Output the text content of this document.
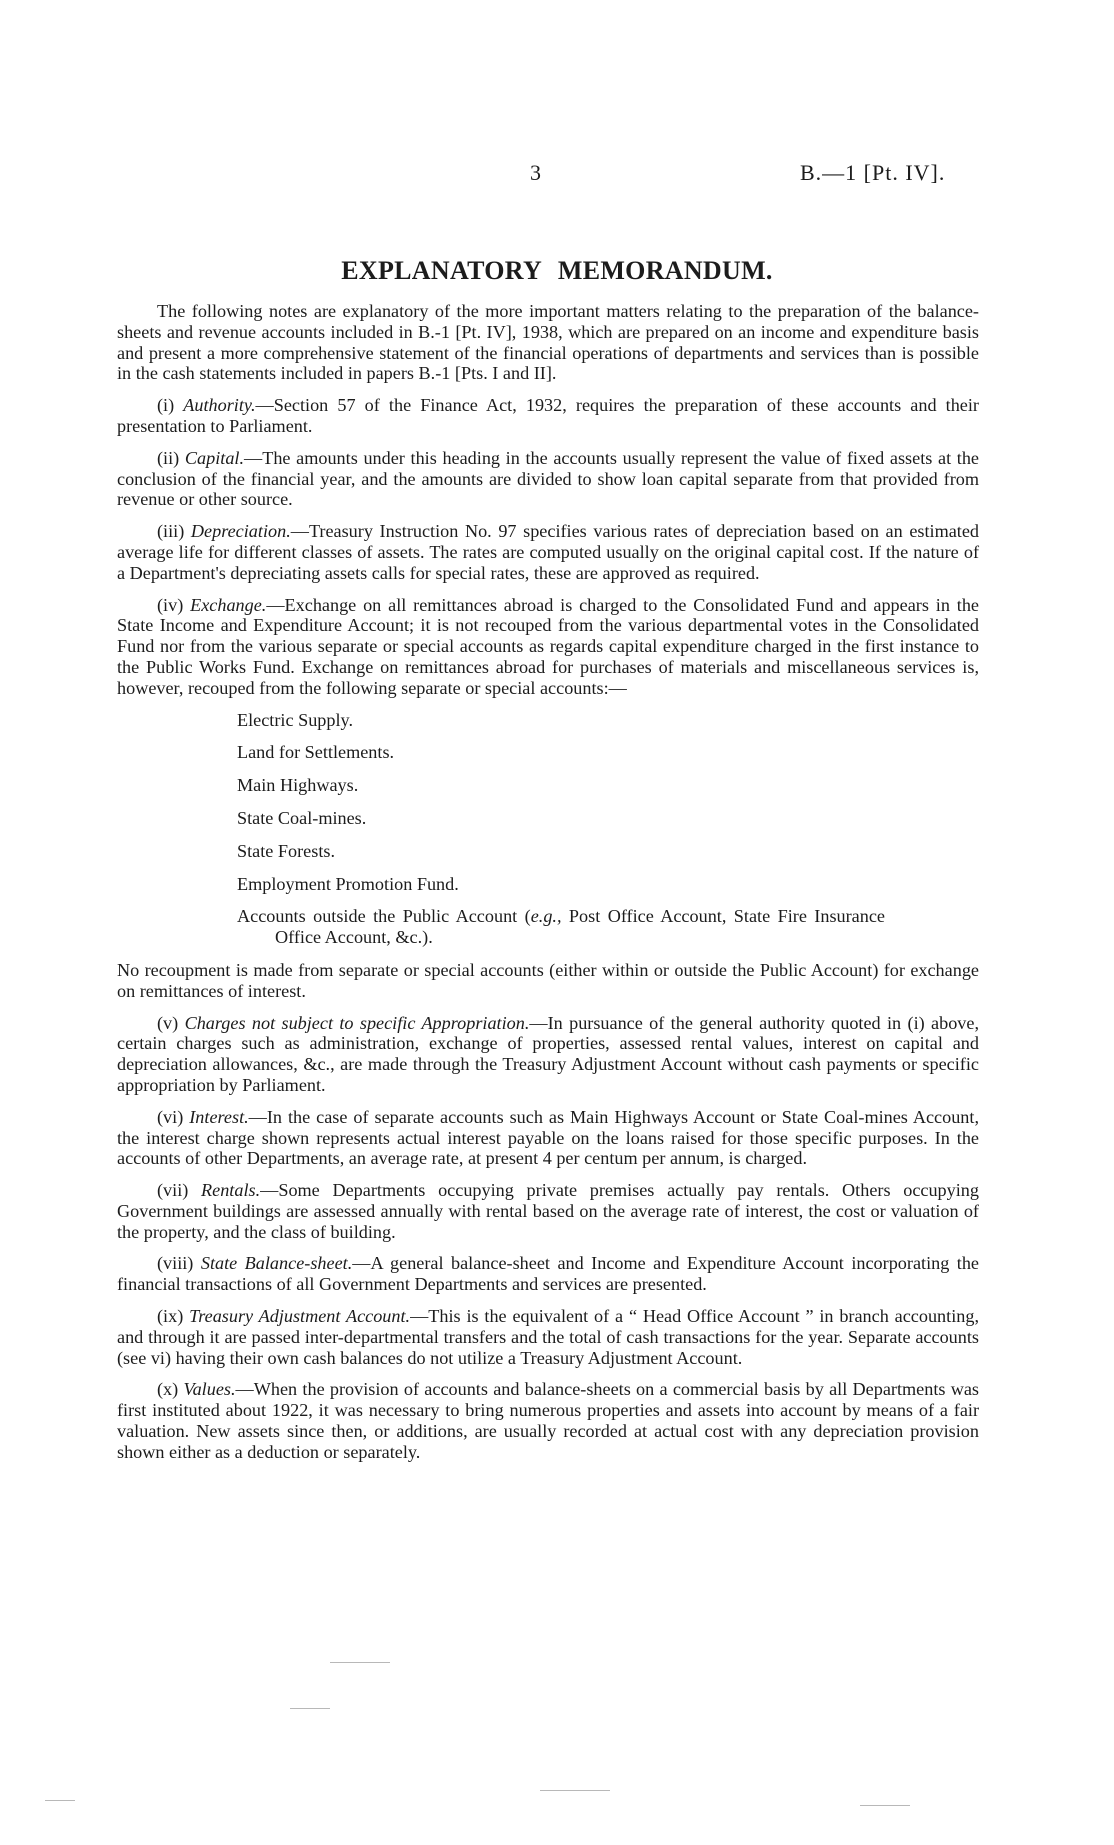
3	B.—1 [Pt. IV].
EXPLANATORY MEMORANDUM.

The following notes are explanatory of the more important matters relating to the preparation of the balance-sheets and revenue accounts included in B.-1 [Pt. IV], 1938, which are prepared on an income and expenditure basis and present a more comprehensive statement of the financial operations of departments and services than is possible in the cash statements included in papers B.-1 [Pts. I and II].

(i) Authority.—Section 57 of the Finance Act, 1932, requires the preparation of these accounts and their presentation to Parliament.

(ii) Capital.—The amounts under this heading in the accounts usually represent the value of fixed assets at the conclusion of the financial year, and the amounts are divided to show loan capital separate from that provided from revenue or other source.

(iii) Depreciation.—Treasury Instruction No. 97 specifies various rates of depreciation based on an estimated average life for different classes of assets. The rates are computed usually on the original capital cost. If the nature of a Department's depreciating assets calls for special rates, these are approved as required.

(iv) Exchange.—Exchange on all remittances abroad is charged to the Consolidated Fund and appears in the State Income and Expenditure Account; it is not recouped from the various departmental votes in the Consolidated Fund nor from the various separate or special accounts as regards capital expenditure charged in the first instance to the Public Works Fund. Exchange on remittances abroad for purchases of materials and miscellaneous services is, however, recouped from the following separate or special accounts:—

Electric Supply.
Land for Settlements.
Main Highways.
State Coal-mines.
State Forests.
Employment Promotion Fund.
Accounts outside the Public Account (e.g., Post Office Account, State Fire Insurance Office Account, &c.).

No recoupment is made from separate or special accounts (either within or outside the Public Account) for exchange on remittances of interest.

(v) Charges not subject to specific Appropriation.—In pursuance of the general authority quoted in (i) above, certain charges such as administration, exchange of properties, assessed rental values, interest on capital and depreciation allowances, &c., are made through the Treasury Adjustment Account without cash payments or specific appropriation by Parliament.

(vi) Interest.—In the case of separate accounts such as Main Highways Account or State Coal-mines Account, the interest charge shown represents actual interest payable on the loans raised for those specific purposes. In the accounts of other Departments, an average rate, at present 4 per centum per annum, is charged.

(vii) Rentals.—Some Departments occupying private premises actually pay rentals. Others occupying Government buildings are assessed annually with rental based on the average rate of interest, the cost or valuation of the property, and the class of building.

(viii) State Balance-sheet.—A general balance-sheet and Income and Expenditure Account incorporating the financial transactions of all Government Departments and services are presented.

(ix) Treasury Adjustment Account.—This is the equivalent of a “ Head Office Account ” in branch accounting, and through it are passed inter-departmental transfers and the total of cash transactions for the year. Separate accounts (see vi) having their own cash balances do not utilize a Treasury Adjustment Account.

(x) Values.—When the provision of accounts and balance-sheets on a commercial basis by all Departments was first instituted about 1922, it was necessary to bring numerous properties and assets into account by means of a fair valuation. New assets since then, or additions, are usually recorded at actual cost with any depreciation provision shown either as a deduction or separately.
